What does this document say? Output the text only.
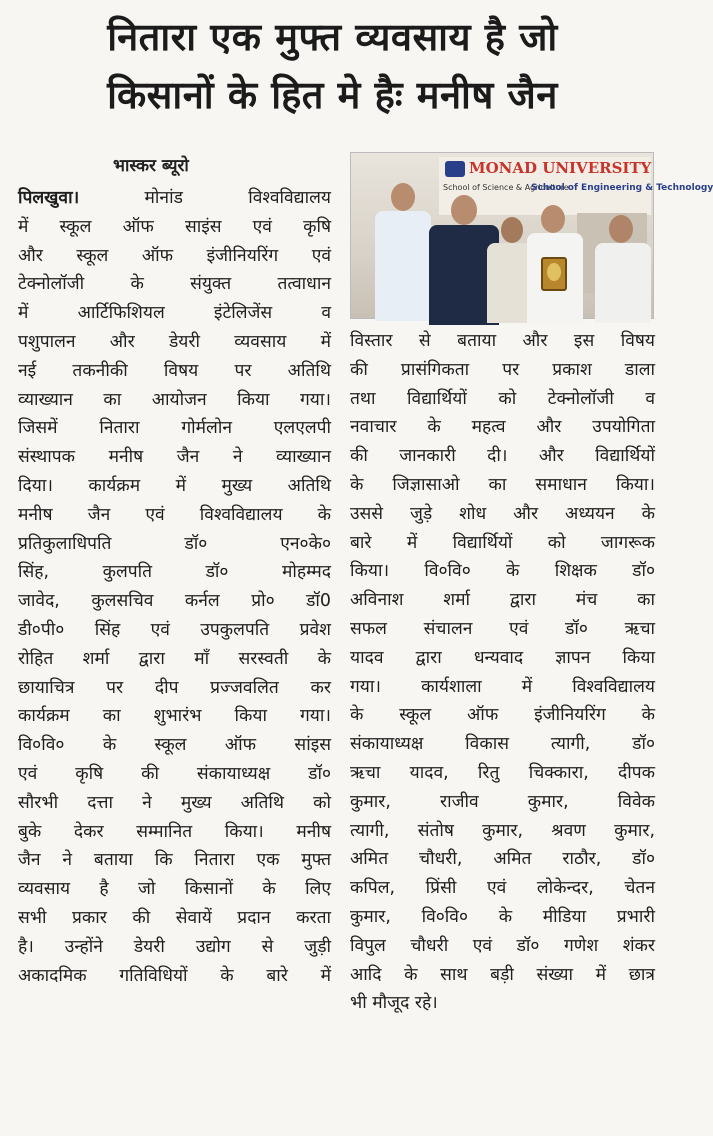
नितारा एक मुफ्त व्यवसाय है जो
किसानों के हित मे हैः मनीष जैन
भास्कर ब्यूरो	MONAD UNIVERSITY
School of Science & Agriculture
School of Engineering & Technology
पिलखुवा। मोनांड विश्वविद्यालय
में स्कूल ऑफ साइंस एवं कृषि
और स्कूल ऑफ इंजीनियरिंग एवं
टेक्नोलॉजी के संयुक्त तत्वाधान
में आर्टिफिशियल इंटेलिजेंस व
पशुपालन और डेयरी व्यवसाय में
नई तकनीकी विषय पर अतिथि
व्याख्यान का आयोजन किया गया।
जिसमें नितारा गोर्मलोन एलएलपी
संस्थापक मनीष जैन ने व्याख्यान
दिया। कार्यक्रम में मुख्य अतिथि
मनीष जैन एवं विश्वविद्यालय के
प्रतिकुलाधिपति डॉ० एन०के०
सिंह, कुलपति डॉ० मोहम्मद
जावेद, कुलसचिव कर्नल प्रो० डॉ0
डी०पी० सिंह एवं उपकुलपति प्रवेश
रोहित शर्मा द्वारा माँ सरस्वती के
छायाचित्र पर दीप प्रज्जवलित कर
कार्यक्रम का शुभारंभ किया गया।
वि०वि० के स्कूल ऑफ सांइस
एवं कृषि की संकायाध्यक्ष डॉ०
सौरभी दत्ता ने मुख्य अतिथि को
बुके देकर सम्मानित किया। मनीष
जैन ने बताया कि नितारा एक मुफ्त
व्यवसाय है जो किसानों के लिए
सभी प्रकार की सेवायें प्रदान करता
है। उन्होंने डेयरी उद्योग से जुड़ी
अकादमिक गतिविधियों के बारे में
विस्तार से बताया और इस विषय
की प्रासंगिकता पर प्रकाश डाला
तथा विद्यार्थियों को टेक्नोलॉजी व
नवाचार के महत्व और उपयोगिता
की जानकारी दी। और विद्यार्थियों
के जिज्ञासाओ का समाधान किया।
उससे जुड़े शोध और अध्ययन के
बारे में विद्यार्थियों को जागरूक
किया। वि०वि० के शिक्षक डॉ०
अविनाश शर्मा द्वारा मंच का
सफल संचालन एवं डॉ० ऋचा
यादव द्वारा धन्यवाद ज्ञापन किया
गया। कार्यशाला में विश्वविद्यालय
के स्कूल ऑफ इंजीनियरिंग के
संकायाध्यक्ष विकास त्यागी, डॉ०
ऋचा यादव, रितु चिक्कारा, दीपक
कुमार, राजीव कुमार, विवेक
त्यागी, संतोष कुमार, श्रवण कुमार,
अमित चौधरी, अमित राठौर, डॉ०
कपिल, प्रिंसी एवं लोकेन्दर, चेतन
कुमार, वि०वि० के मीडिया प्रभारी
विपुल चौधरी एवं डॉ० गणेश शंकर
आदि के साथ बड़ी संख्या में छात्र
भी मौजूद रहे।
